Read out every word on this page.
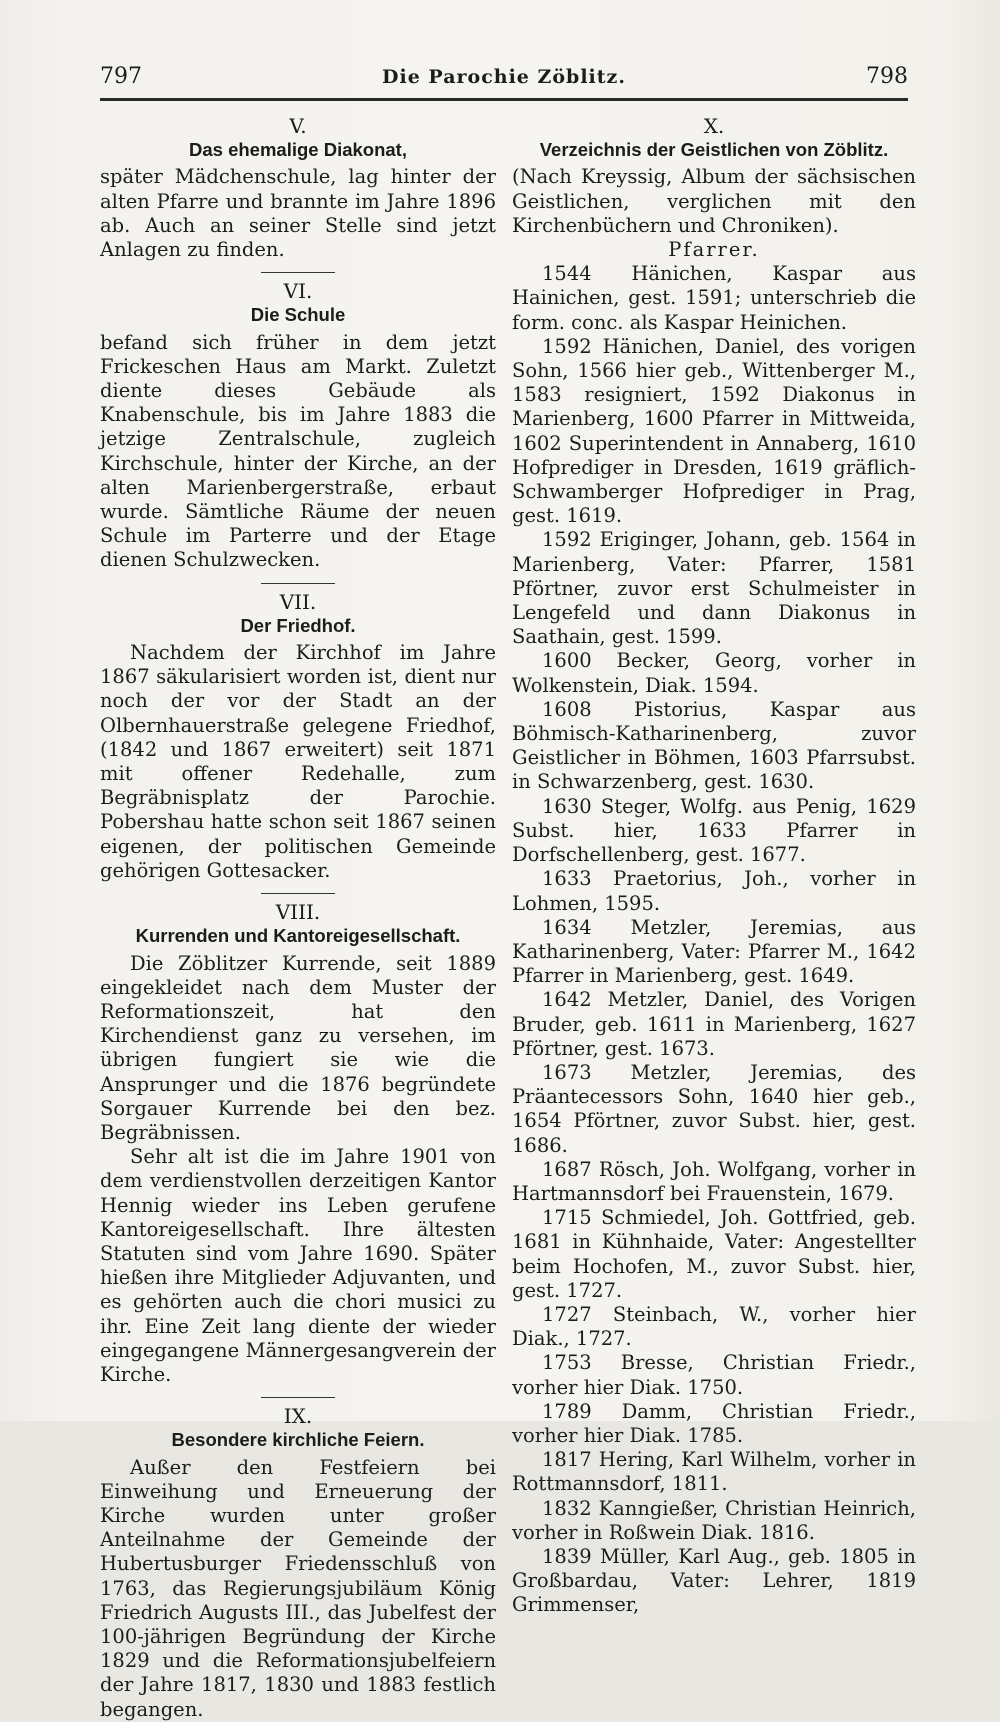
797	Die Parochie Zöblitz.	798
V.
Das ehemalige Diakonat,

später Mädchenschule, lag hinter der alten Pfarre und brannte im Jahre 1896 ab. Auch an seiner Stelle sind jetzt Anlagen zu finden.

VI.
Die Schule

befand sich früher in dem jetzt Frickeschen Haus am Markt. Zuletzt diente dieses Gebäude als Knabenschule, bis im Jahre 1883 die jetzige Zentralschule, zugleich Kirchschule, hinter der Kirche, an der alten Marienbergerstraße, erbaut wurde. Sämtliche Räume der neuen Schule im Parterre und der Etage dienen Schulzwecken.

VII.
Der Friedhof.

Nachdem der Kirchhof im Jahre 1867 säkularisiert worden ist, dient nur noch der vor der Stadt an der Olbernhauerstraße gelegene Friedhof, (1842 und 1867 erweitert) seit 1871 mit offener Redehalle, zum Begräbnisplatz der Parochie. Pobershau hatte schon seit 1867 seinen eigenen, der politischen Gemeinde gehörigen Gottesacker.

VIII.
Kurrenden und Kantoreigesellschaft.

Die Zöblitzer Kurrende, seit 1889 eingekleidet nach dem Muster der Reformationszeit, hat den Kirchendienst ganz zu versehen, im übrigen fungiert sie wie die Ansprunger und die 1876 begründete Sorgauer Kurrende bei den bez. Begräbnissen.

Sehr alt ist die im Jahre 1901 von dem verdienstvollen derzeitigen Kantor Hennig wieder ins Leben gerufene Kantoreigesellschaft. Ihre ältesten Statuten sind vom Jahre 1690. Später hießen ihre Mitglieder Adjuvanten, und es gehörten auch die chori musici zu ihr. Eine Zeit lang diente der wieder eingegangene Männergesangverein der Kirche.

IX.
Besondere kirchliche Feiern.

Außer den Festfeiern bei Einweihung und Erneuerung der Kirche wurden unter großer Anteilnahme der Gemeinde der Hubertusburger Friedensschluß von 1763, das Regierungsjubiläum König Friedrich Augusts III., das Jubelfest der 100-jährigen Begründung der Kirche 1829 und die Reformationsjubelfeiern der Jahre 1817, 1830 und 1883 festlich begangen.

X.
Verzeichnis der Geistlichen von Zöblitz.

(Nach Kreyssig, Album der sächsischen Geistlichen, verglichen mit den Kirchenbüchern und Chroniken).

Pfarrer.

1544 Hänichen, Kaspar aus Hainichen, gest. 1591; unterschrieb die form. conc. als Kaspar Heinichen.

1592 Hänichen, Daniel, des vorigen Sohn, 1566 hier geb., Wittenberger M., 1583 resigniert, 1592 Diakonus in Marienberg, 1600 Pfarrer in Mittweida, 1602 Superintendent in Annaberg, 1610 Hofprediger in Dresden, 1619 gräflich-Schwamberger Hofprediger in Prag, gest. 1619.

1592 Eriginger, Johann, geb. 1564 in Marienberg, Vater: Pfarrer, 1581 Pförtner, zuvor erst Schulmeister in Lengefeld und dann Diakonus in Saathain, gest. 1599.

1600 Becker, Georg, vorher in Wolkenstein, Diak. 1594.

1608 Pistorius, Kaspar aus Böhmisch-Katharinenberg, zuvor Geistlicher in Böhmen, 1603 Pfarrsubst. in Schwarzenberg, gest. 1630.

1630 Steger, Wolfg. aus Penig, 1629 Subst. hier, 1633 Pfarrer in Dorfschellenberg, gest. 1677.

1633 Praetorius, Joh., vorher in Lohmen, 1595.

1634 Metzler, Jeremias, aus Katharinenberg, Vater: Pfarrer M., 1642 Pfarrer in Marienberg, gest. 1649.

1642 Metzler, Daniel, des Vorigen Bruder, geb. 1611 in Marienberg, 1627 Pförtner, gest. 1673.

1673 Metzler, Jeremias, des Präantecessors Sohn, 1640 hier geb., 1654 Pförtner, zuvor Subst. hier, gest. 1686.

1687 Rösch, Joh. Wolfgang, vorher in Hartmannsdorf bei Frauenstein, 1679.

1715 Schmiedel, Joh. Gottfried, geb. 1681 in Kühnhaide, Vater: Angestellter beim Hochofen, M., zuvor Subst. hier, gest. 1727.

1727 Steinbach, W., vorher hier Diak., 1727.

1753 Bresse, Christian Friedr., vorher hier Diak. 1750.

1789 Damm, Christian Friedr., vorher hier Diak. 1785.

1817 Hering, Karl Wilhelm, vorher in Rottmannsdorf, 1811.

1832 Kanngießer, Christian Heinrich, vorher in Roßwein Diak. 1816.

1839 Müller, Karl Aug., geb. 1805 in Großbardau, Vater: Lehrer, 1819 Grimmenser,
